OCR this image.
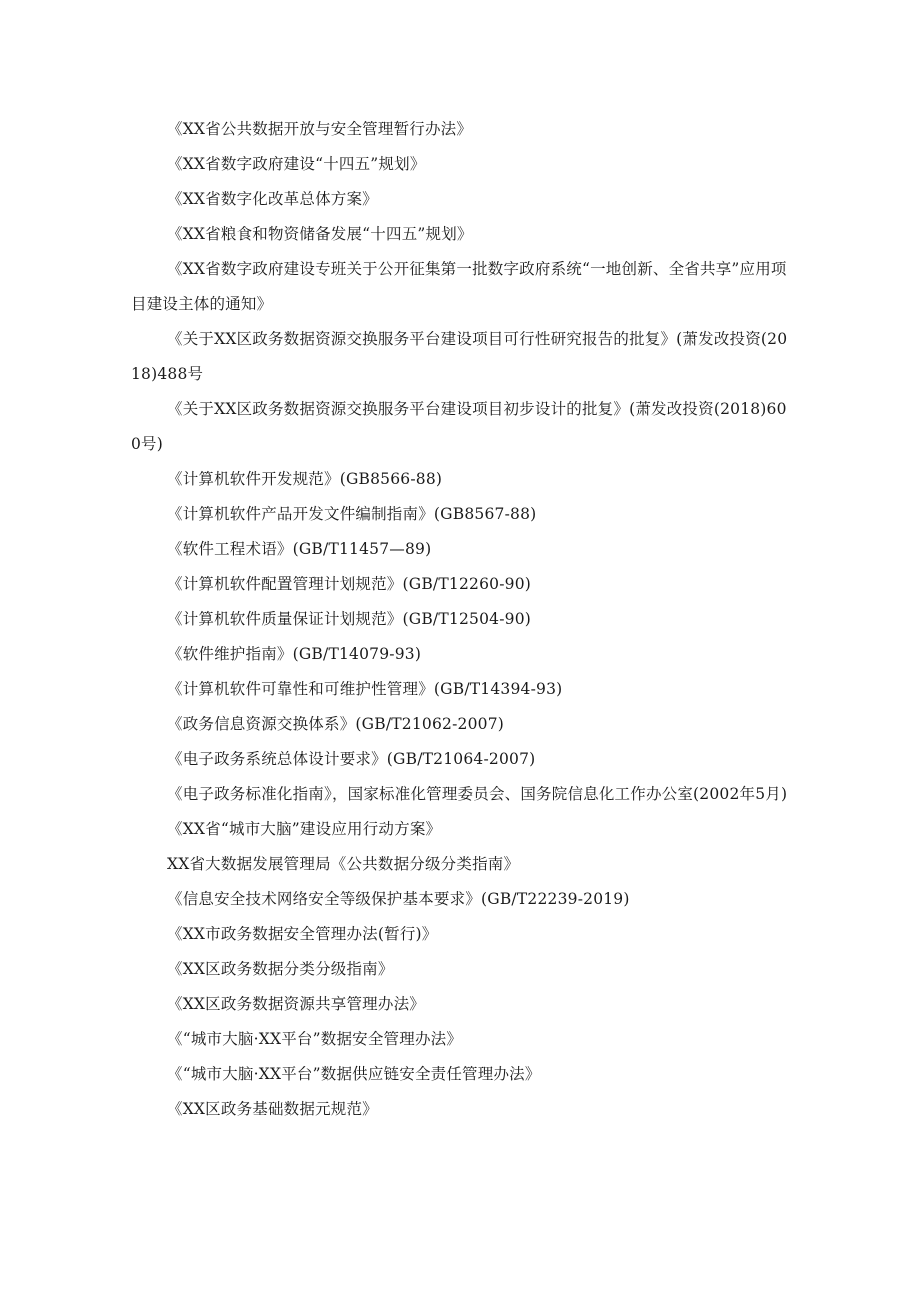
《XX省公共数据开放与安全管理暂行办法》

《XX省数字政府建设“十四五”规划》

《XX省数字化改革总体方案》

《XX省粮食和物资储备发展“十四五”规划》

《XX省数字政府建设专班关于公开征集第一批数字政府系统“一地创新、全省共享”应用项目建设主体的通知》

《关于XX区政务数据资源交换服务平台建设项目可行性研究报告的批复》(萧发改投资(2018)488号

《关于XX区政务数据资源交换服务平台建设项目初步设计的批复》(萧发改投资(2018)600号)

《计算机软件开发规范》(GB8566-88)

《计算机软件产品开发文件编制指南》(GB8567-88)

《软件工程术语》(GB/T11457—89)

《计算机软件配置管理计划规范》(GB/T12260-90)

《计算机软件质量保证计划规范》(GB/T12504-90)

《软件维护指南》(GB/T14079-93)

《计算机软件可靠性和可维护性管理》(GB/T14394-93)

《政务信息资源交换体系》(GB/T21062-2007)

《电子政务系统总体设计要求》(GB/T21064-2007)

《电子政务标准化指南》，国家标准化管理委员会、国务院信息化工作办公室(2002年5月)

《XX省“城市大脑”建设应用行动方案》

XX省大数据发展管理局《公共数据分级分类指南》

《信息安全技术网络安全等级保护基本要求》(GB/T22239-2019)

《XX市政务数据安全管理办法(暂行)》

《XX区政务数据分类分级指南》

《XX区政务数据资源共享管理办法》

《“城市大脑·XX平台”数据安全管理办法》

《“城市大脑·XX平台”数据供应链安全责任管理办法》

《XX区政务基础数据元规范》
